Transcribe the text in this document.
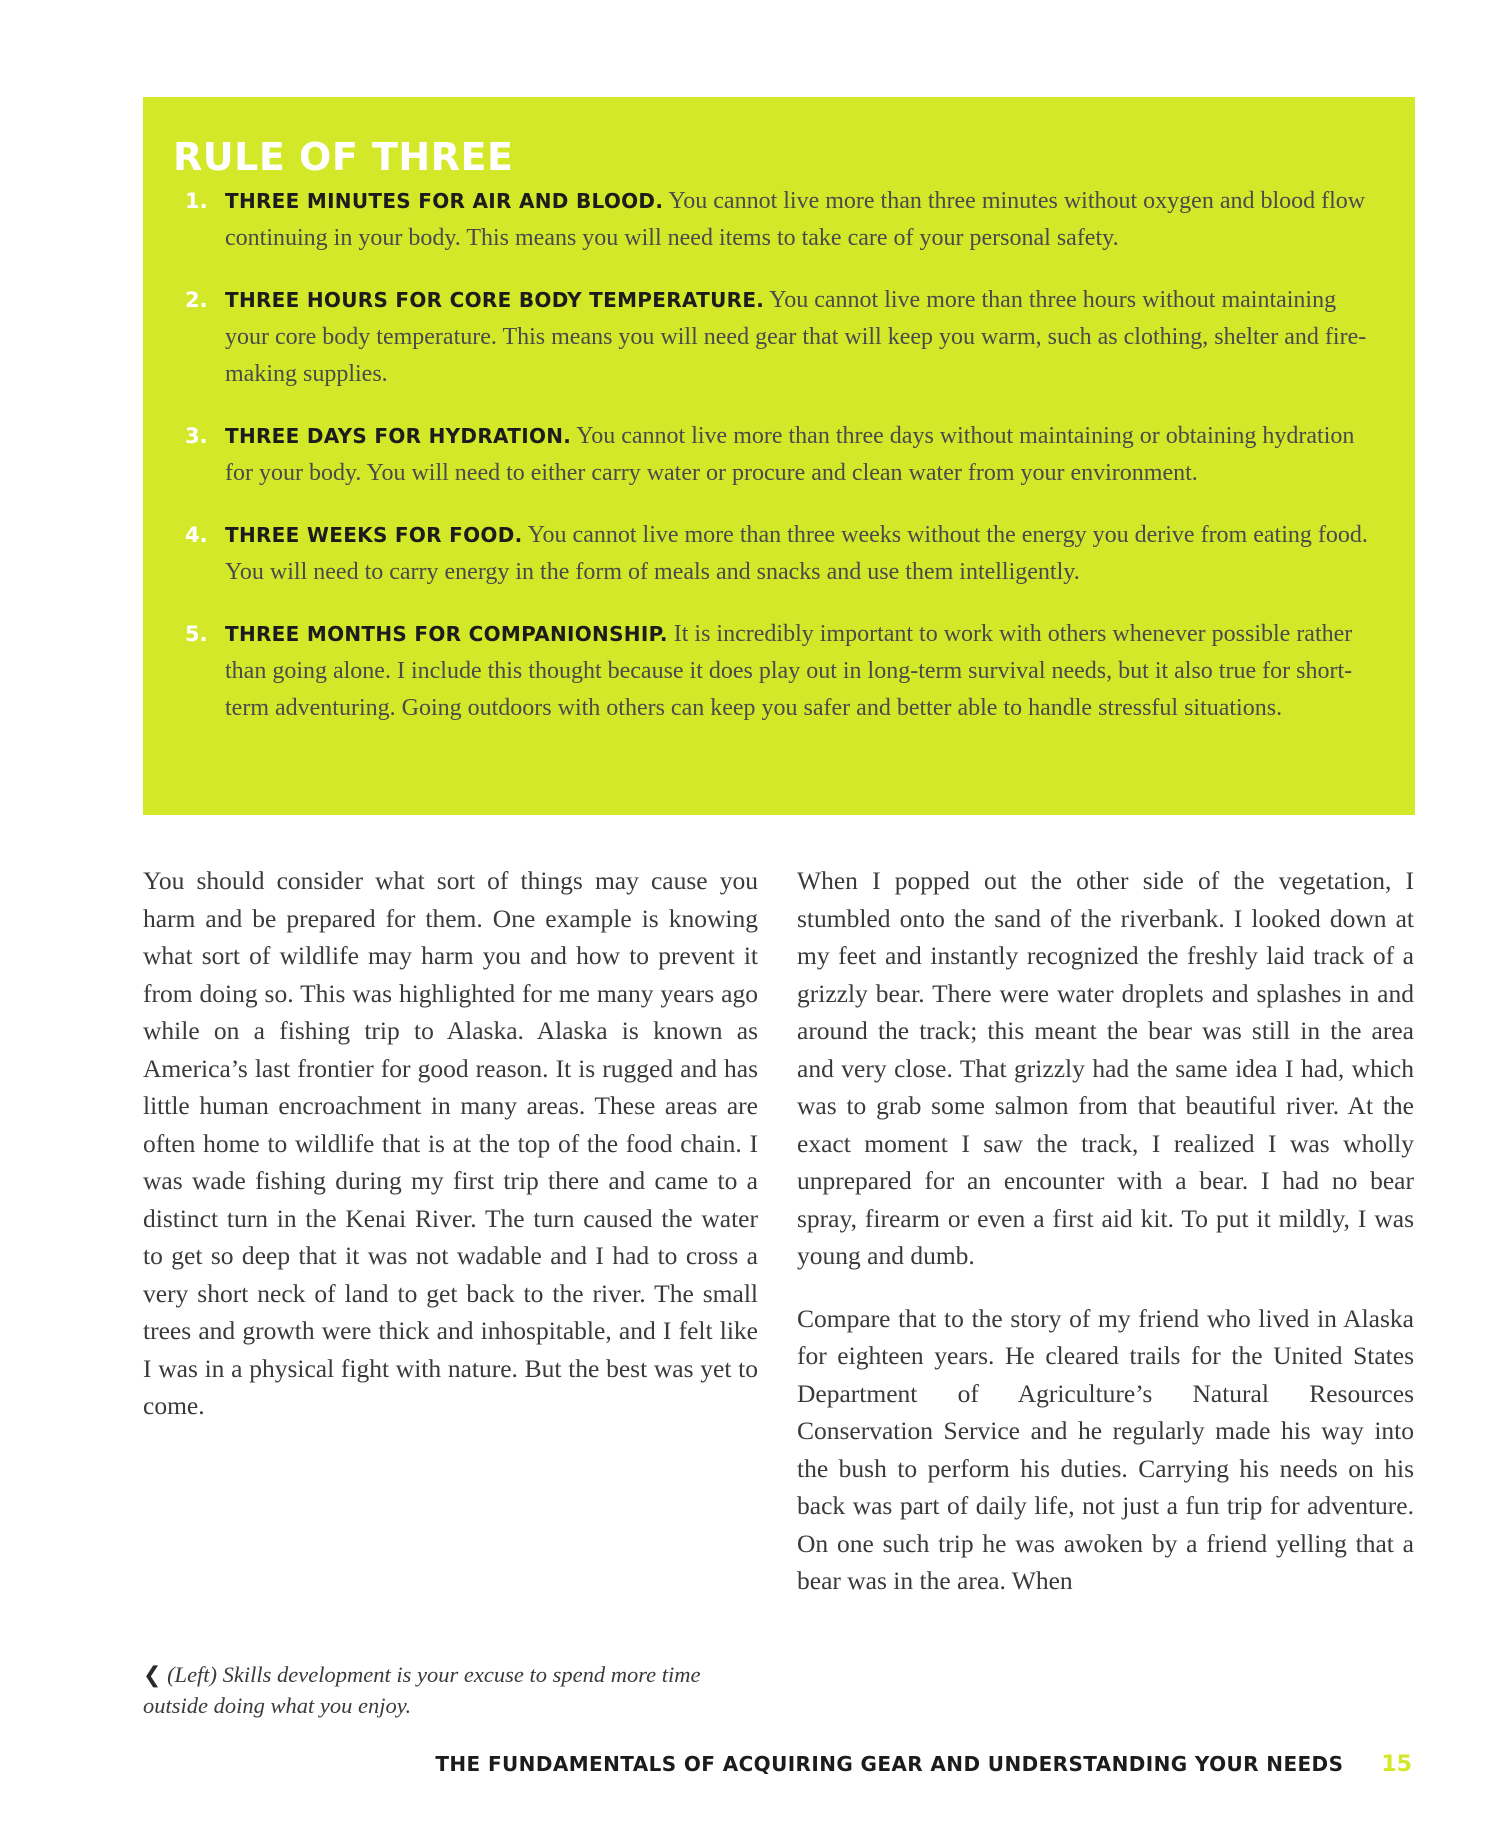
RULE OF THREE
1. THREE MINUTES FOR AIR AND BLOOD. You cannot live more than three minutes without oxygen and blood flow continuing in your body. This means you will need items to take care of your personal safety.
2. THREE HOURS FOR CORE BODY TEMPERATURE. You cannot live more than three hours without maintaining your core body temperature. This means you will need gear that will keep you warm, such as clothing, shelter and fire-making supplies.
3. THREE DAYS FOR HYDRATION. You cannot live more than three days without maintaining or obtaining hydration for your body. You will need to either carry water or procure and clean water from your environment.
4. THREE WEEKS FOR FOOD. You cannot live more than three weeks without the energy you derive from eating food. You will need to carry energy in the form of meals and snacks and use them intelligently.
5. THREE MONTHS FOR COMPANIONSHIP. It is incredibly important to work with others whenever possible rather than going alone. I include this thought because it does play out in long-term survival needs, but it also true for short-term adventuring. Going outdoors with others can keep you safer and better able to handle stressful situations.

You should consider what sort of things may cause you harm and be prepared for them. One example is knowing what sort of wildlife may harm you and how to prevent it from doing so. This was highlighted for me many years ago while on a fishing trip to Alaska. Alaska is known as America’s last frontier for good reason. It is rugged and has little human encroachment in many areas. These areas are often home to wildlife that is at the top of the food chain. I was wade fishing during my first trip there and came to a distinct turn in the Kenai River. The turn caused the water to get so deep that it was not wadable and I had to cross a very short neck of land to get back to the river. The small trees and growth were thick and inhospitable, and I felt like I was in a physical fight with nature. But the best was yet to come.

When I popped out the other side of the vegetation, I stumbled onto the sand of the riverbank. I looked down at my feet and instantly recognized the freshly laid track of a grizzly bear. There were water droplets and splashes in and around the track; this meant the bear was still in the area and very close. That grizzly had the same idea I had, which was to grab some salmon from that beautiful river. At the exact moment I saw the track, I realized I was wholly unprepared for an encounter with a bear. I had no bear spray, firearm or even a first aid kit. To put it mildly, I was young and dumb.

Compare that to the story of my friend who lived in Alaska for eighteen years. He cleared trails for the United States Department of Agriculture’s Natural Resources Conservation Service and he regularly made his way into the bush to perform his duties. Carrying his needs on his back was part of daily life, not just a fun trip for adventure. On one such trip he was awoken by a friend yelling that a bear was in the area. When

❮ (Left) Skills development is your excuse to spend more time outside doing what you enjoy.
THE FUNDAMENTALS OF ACQUIRING GEAR AND UNDERSTANDING YOUR NEEDS 15
